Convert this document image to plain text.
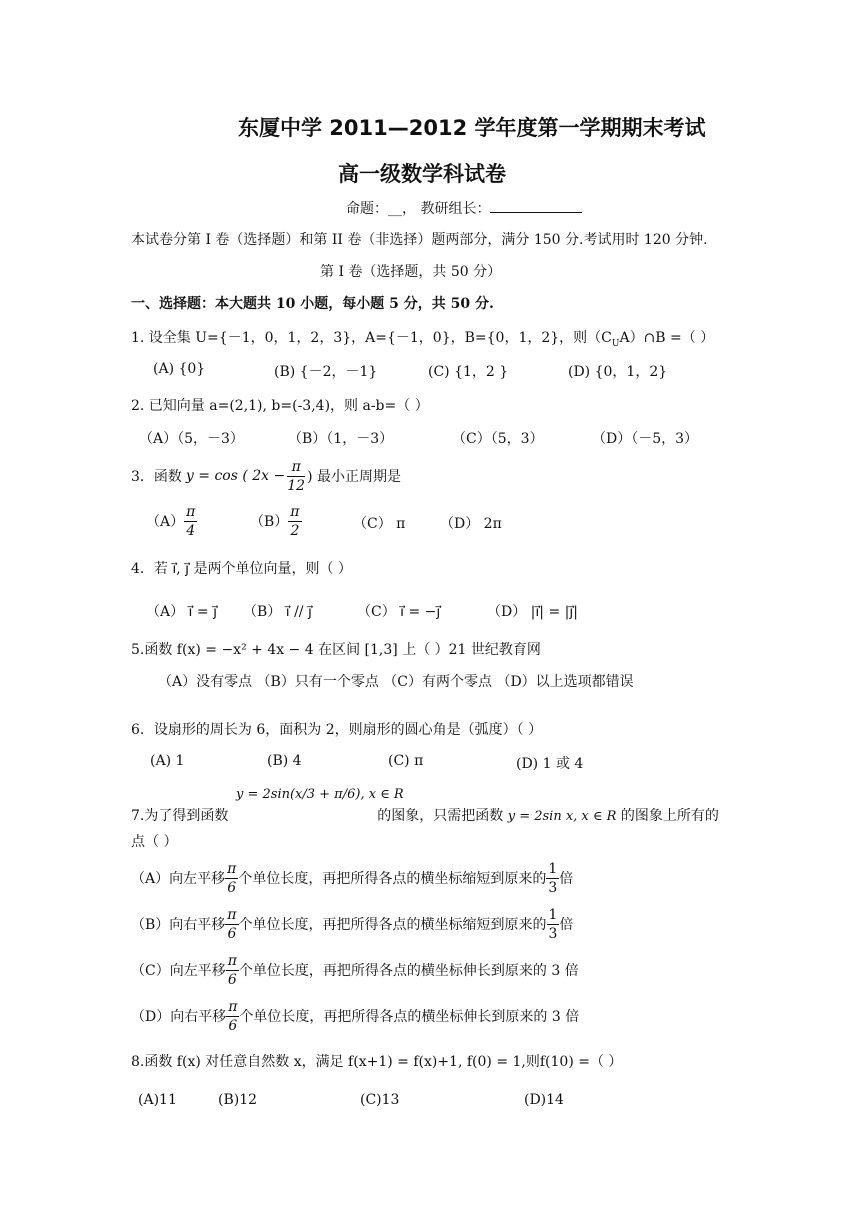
东厦中学 2011—2012 学年度第一学期期末考试
高一级数学科试卷
命题：__， 教研组长：
本试卷分第 I 卷（选择题）和第 II 卷（非选择）题两部分，满分 150 分.考试用时 120 分钟.
第 I 卷（选择题，共 50 分）
一、选择题：本大题共 10 小题，每小题 5 分，共 50 分.
1. 设全集 U={－1，0，1，2，3}，A={－1，0}，B={0，1，2}，则$(C_UA)\cap B$ =（ ）
(A) {0}	(B) {－2，－1}	(C) {1，2 }	(D) {0，1，2}
2. 已知向量 a=(2,1), b=(-3,4)，则 a-b=（ ）
（A）（5，－3）	（B）（1，－3）	（C）（5，3）	（D）（－5，3）
3．函数 y = cos ( $2x - \frac{\pi}{12}$ ) 最小正周期是
$(A) \frac{\pi}{4}$	$(B) \frac{\pi}{2}$	（C） π （D） 2π
4．若 i⃗, j⃗ 是两个单位向量，则（ ）
（A） i⃗ = j⃗ （B） i⃗ // j⃗	（C） i⃗ = −j⃗	（D） |i⃗| = |j⃗|
5.函数 f(x) = −x² + 4x − 4 在区间 [1,3] 上（ ）21 世纪教育网
（A）没有零点 （B）只有一个零点 （C）有两个零点 （D）以上选项都错误
6．设扇形的周长为 6，面积为 2，则扇形的圆心角是（弧度）（ ）
(A) 1	(B) 4	(C) π	(D) 1 或 4
y = 2sin(x/3 + π/6), x ∈ R
7.为了得到函数	的图象，只需把函数 y = 2sin x, x ∈ R 的图象上所有的
点（ ）
（A）向左平移 $\frac{\pi}{6}$ 个单位长度，再把所得各点的横坐标缩短到原来的 $\frac{1}{3}$ 倍
（B）向右平移 $\frac{\pi}{6}$ 个单位长度，再把所得各点的横坐标缩短到原来的 $\frac{1}{3}$ 倍
（C）向左平移 $\frac{\pi}{6}$ 个单位长度，再把所得各点的横坐标伸长到原来的 3 倍
（D）向右平移 $\frac{\pi}{6}$ 个单位长度，再把所得各点的横坐标伸长到原来的 3 倍
8.函数 f(x) 对任意自然数 x，满足 f(x+1) = f(x)+1, f(0) = 1,则f(10) =（ ）
(A)11	(B)12	(C)13	(D)14
